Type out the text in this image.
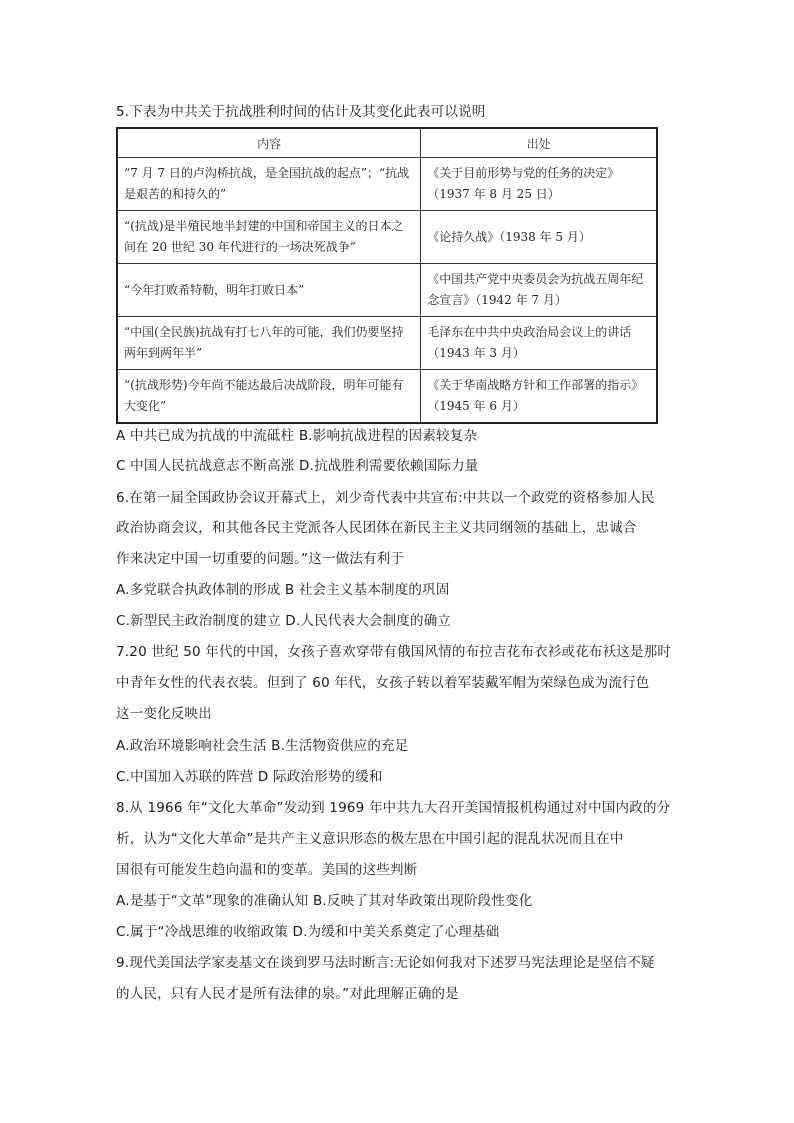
5.下表为中共关于抗战胜利时间的估计及其变化此表可以说明
内容	出处
“7 月 7 日的卢沟桥抗战，是全国抗战的起点”；“抗战是艰苦的和持久的”	《关于目前形势与党的任务的决定》（1937 年 8 月 25 日）
“(抗战)是半殖民地半封建的中国和帝国主义的日本之间在 20 世纪 30 年代进行的一场决死战争”	《论持久战》（1938 年 5 月）
“今年打败希特勒，明年打败日本”	《中国共产党中央委员会为抗战五周年纪念宣言》（1942 年 7 月）
“中国(全民族)抗战有打七八年的可能，我们仍要坚持两年到两年半”	毛泽东在中共中央政治局会议上的讲话（1943 年 3 月）
“(抗战形势)今年尚不能达最后决战阶段，明年可能有大变化”	《关于华南战略方针和工作部署的指示》（1945 年 6 月）
A 中共已成为抗战的中流砥柱 B.影响抗战进程的因素较复杂
C 中国人民抗战意志不断高涨 D.抗战胜利需要依赖国际力量
6.在第一届全国政协会议开幕式上，刘少奇代表中共宣布:中共以一个政党的资格参加人民
政治协商会议，和其他各民主党派各人民团体在新民主主义共同纲领的基础上，忠诚合
作来决定中国一切重要的问题。”这一做法有利于
A.多党联合执政体制的形成 B 社会主义基本制度的巩固
C.新型民主政治制度的建立 D.人民代表大会制度的确立
7.20 世纪 50 年代的中国，女孩子喜欢穿带有俄国风情的布拉吉花布衣衫或花布袄这是那时
中青年女性的代表衣装。但到了 60 年代，女孩子转以着军装戴军帽为荣绿色成为流行色
这一变化反映出
A.政治环境影响社会生活 B.生活物资供应的充足
C.中国加入苏联的阵营 D 际政治形势的缓和
8.从 1966 年“文化大革命”发动到 1969 年中共九大召开美国情报机构通过对中国内政的分
析，认为“文化大革命”是共产主义意识形态的极左思在中国引起的混乱状况而且在中
国很有可能发生趋向温和的变革。美国的这些判断
A.是基于“文革”现象的准确认知 B.反映了其对华政策出现阶段性变化
C.属于“冷战思维的收缩政策 D.为缓和中美关系奠定了心理基础
9.现代美国法学家麦基文在谈到罗马法时断言:无论如何我对下述罗马宪法理论是坚信不疑
的人民，只有人民才是所有法律的泉。”对此理解正确的是
